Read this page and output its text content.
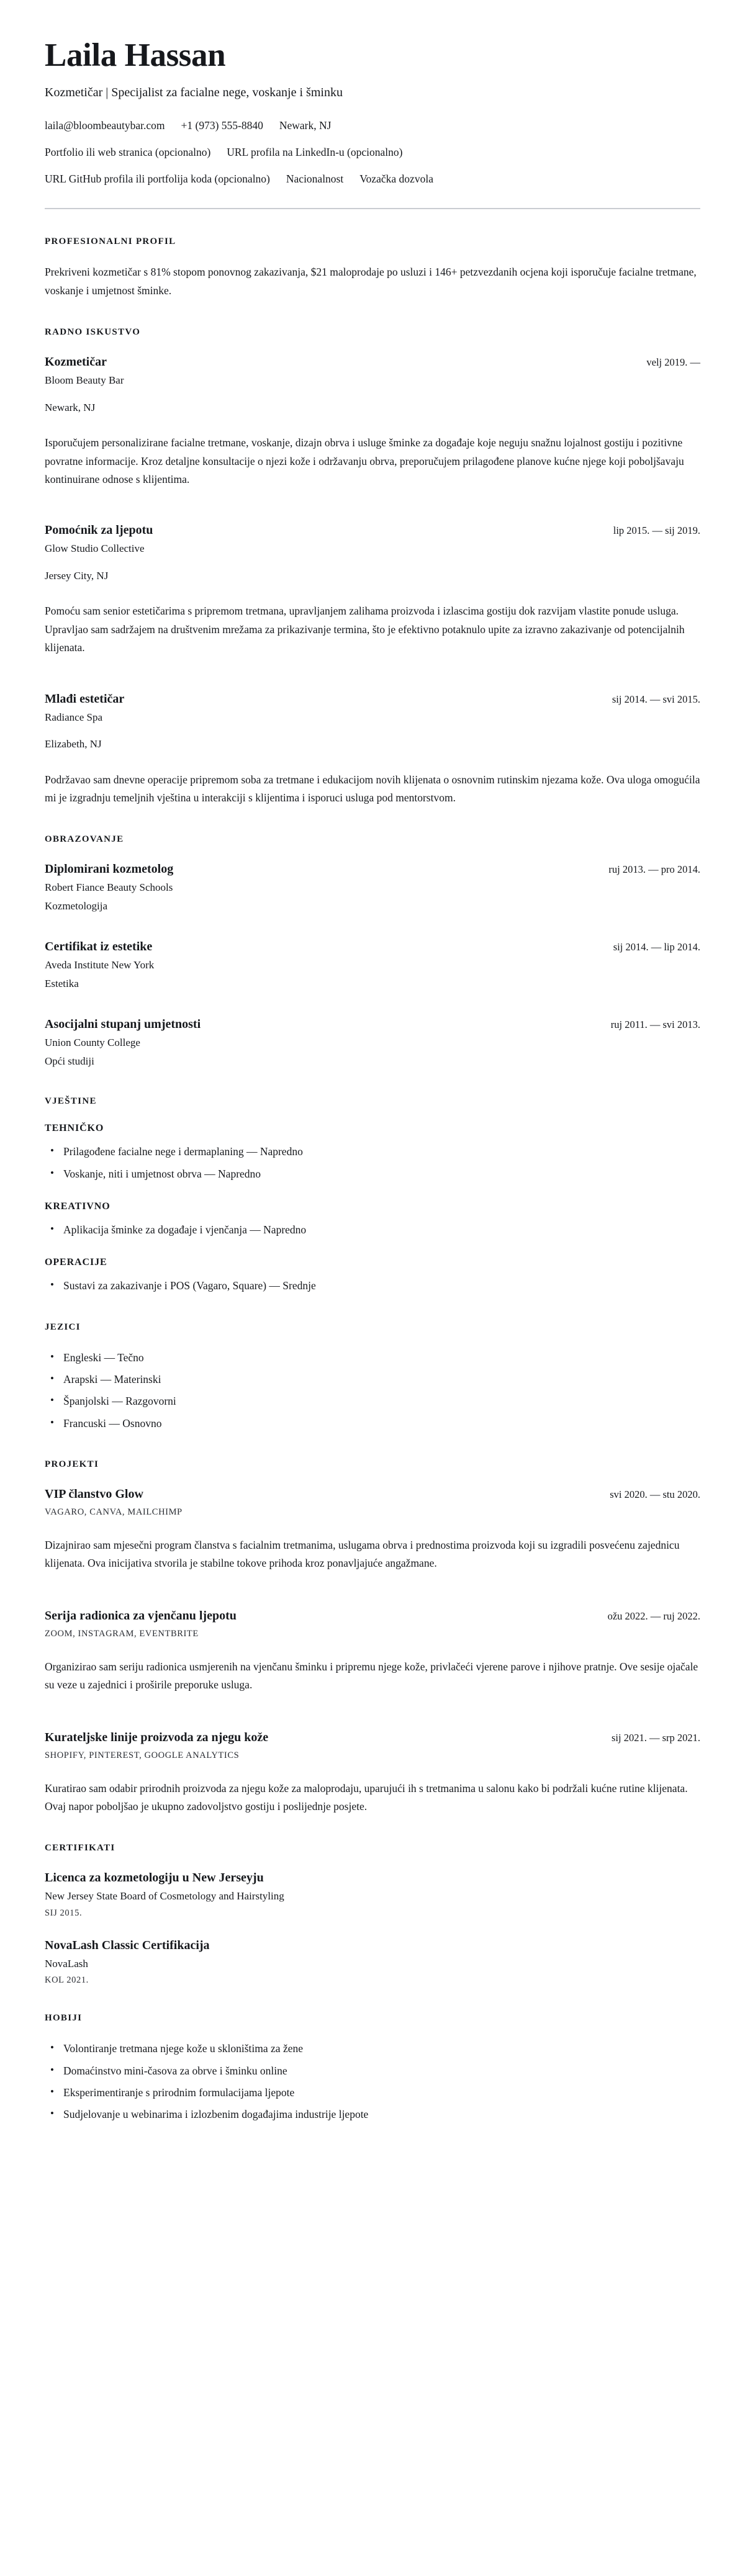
Laila Hassan

Kozmetičar | Specijalist za facialne nege, voskanje i šminku

laila@bloombeautybar.com +1 (973) 555-8840 Newark, NJ
Portfolio ili web stranica (opcionalno) URL profila na LinkedIn-u (opcionalno)
URL GitHub profila ili portfolija koda (opcionalno) Nacionalnost Vozačka dozvola
PROFESIONALNI PROFIL

Prekriveni kozmetičar s 81% stopom ponovnog zakazivanja, $21 maloprodaje po usluzi i 146+ petzvezdanih ocjena koji isporučuje facialne tretmane, voskanje i umjetnost šminke.

RADNO ISKUSTVO
Kozmetičar	velj 2019. —

Bloom Beauty Bar

Newark, NJ

Isporučujem personalizirane facialne tretmane, voskanje, dizajn obrva i usluge šminke za događaje koje neguju snažnu lojalnost gostiju i pozitivne povratne informacije. Kroz detaljne konsultacije o njezi kože i održavanju obrva, preporučujem prilagođene planove kućne njege koji poboljšavaju kontinuirane odnose s klijentima.

Pomoćnik za ljepotu	lip 2015. — sij 2019.

Glow Studio Collective

Jersey City, NJ

Pomoću sam senior estetičarima s pripremom tretmana, upravljanjem zalihama proizvoda i izlascima gostiju dok razvijam vlastite ponude usluga. Upravljao sam sadržajem na društvenim mrežama za prikazivanje termina, što je efektivno potaknulo upite za izravno zakazivanje od potencijalnih klijenata.

Mlađi estetičar	sij 2014. — svi 2015.

Radiance Spa

Elizabeth, NJ

Podržavao sam dnevne operacije pripremom soba za tretmane i edukacijom novih klijenata o osnovnim rutinskim njezama kože. Ova uloga omogućila mi je izgradnju temeljnih vještina u interakciji s klijentima i isporuci usluga pod mentorstvom.

OBRAZOVANJE
Diplomirani kozmetolog	ruj 2013. — pro 2014.

Robert Fiance Beauty Schools

Kozmetologija

Certifikat iz estetike	sij 2014. — lip 2014.

Aveda Institute New York

Estetika

Asocijalni stupanj umjetnosti	ruj 2011. — svi 2013.

Union County College

Opći studiji

VJEŠTINE
TEHNIČKO
• Prilagođene facialne nege i dermaplaning — Napredno
• Voskanje, niti i umjetnost obrva — Napredno
KREATIVNO
• Aplikacija šminke za događaje i vjenčanja — Napredno
OPERACIJE
• Sustavi za zakazivanje i POS (Vagaro, Square) — Srednje
JEZICI
• Engleski — Tečno
• Arapski — Materinski
• Španjolski — Razgovorni
• Francuski — Osnovno
PROJEKTI
VIP članstvo Glow	svi 2020. — stu 2020.

VAGARO, CANVA, MAILCHIMP

Dizajnirao sam mjesečni program članstva s facialnim tretmanima, uslugama obrva i prednostima proizvoda koji su izgradili posvećenu zajednicu klijenata. Ova inicijativa stvorila je stabilne tokove prihoda kroz ponavljajuće angažmane.

Serija radionica za vjenčanu ljepotu	ožu 2022. — ruj 2022.

ZOOM, INSTAGRAM, EVENTBRITE

Organizirao sam seriju radionica usmjerenih na vjenčanu šminku i pripremu njege kože, privlačeći vjerene parove i njihove pratnje. Ove sesije ojačale su veze u zajednici i proširile preporuke usluga.

Kurateljske linije proizvoda za njegu kože	sij 2021. — srp 2021.

SHOPIFY, PINTEREST, GOOGLE ANALYTICS

Kuratirao sam odabir prirodnih proizvoda za njegu kože za maloprodaju, uparujući ih s tretmanima u salonu kako bi podržali kućne rutine klijenata. Ovaj napor poboljšao je ukupno zadovoljstvo gostiju i poslijednje posjete.

CERTIFIKATI
Licenca za kozmetologiju u New Jerseyju

New Jersey State Board of Cosmetology and Hairstyling

SIJ 2015.

NovaLash Classic Certifikacija

NovaLash

KOL 2021.

HOBIJI
• Volontiranje tretmana njege kože u skloništima za žene
• Domaćinstvo mini-časova za obrve i šminku online
• Eksperimentiranje s prirodnim formulacijama ljepote
• Sudjelovanje u webinarima i izlozbenim događajima industrije ljepote
